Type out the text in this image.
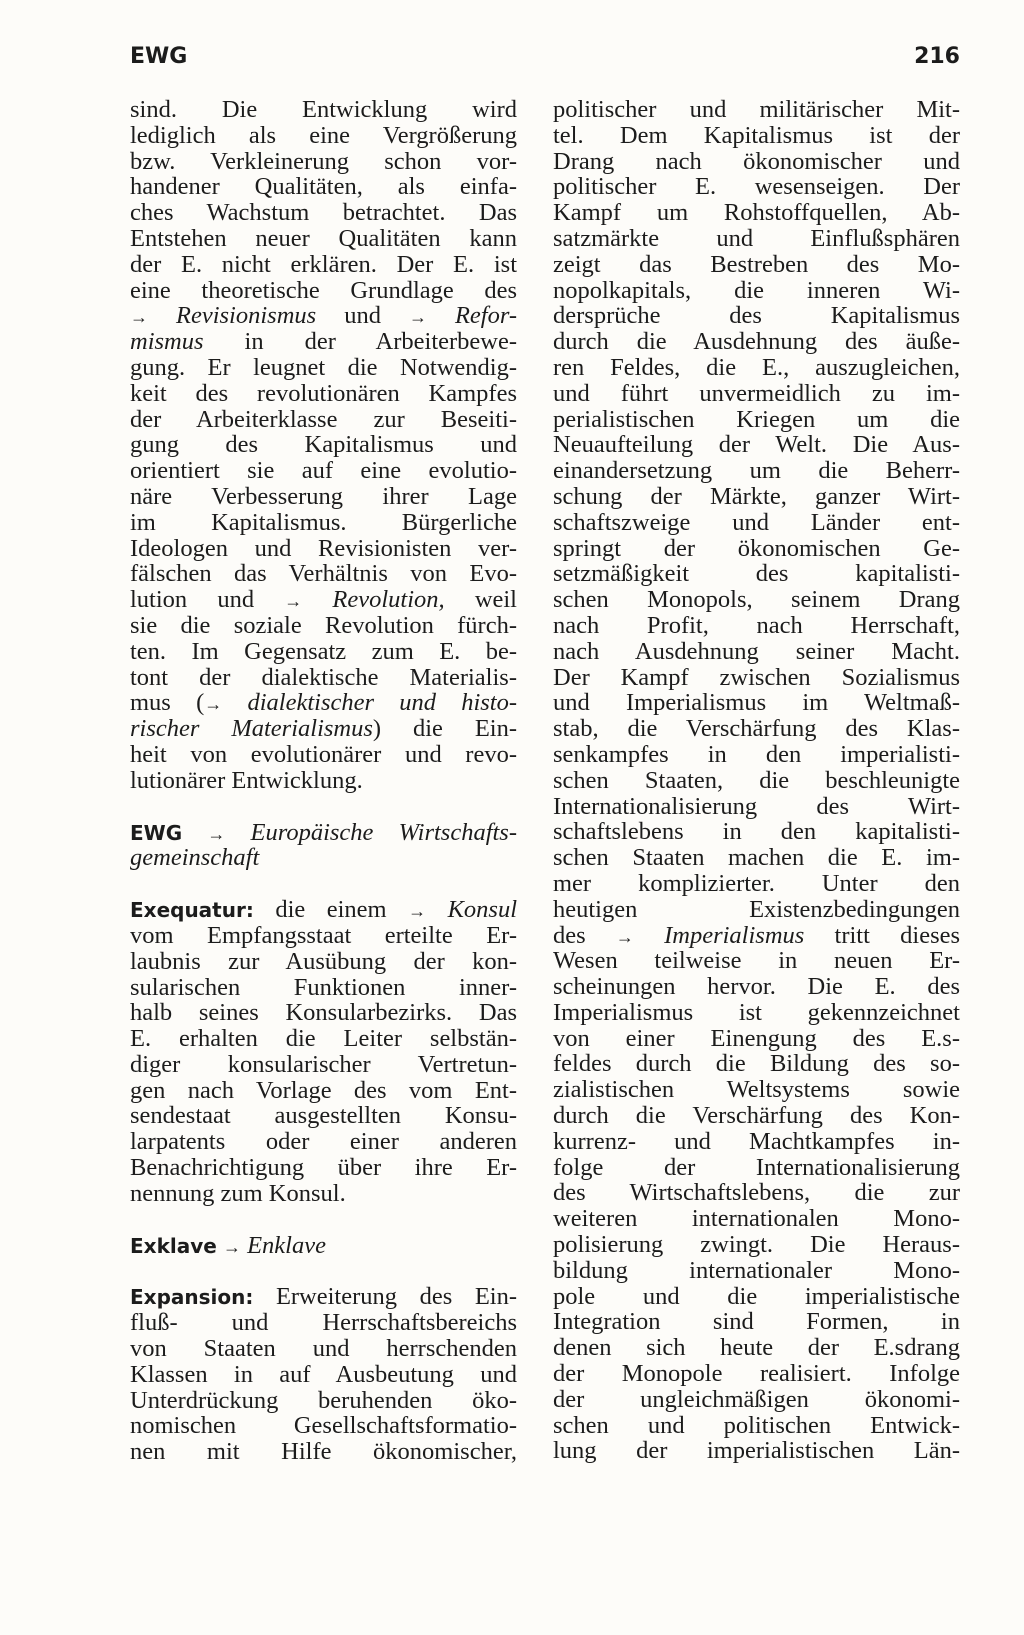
EWG	216
sind. Die Entwicklung wird
lediglich als eine Vergrößerung
bzw. Verkleinerung schon vor-
handener Qualitäten, als einfa-
ches Wachstum betrachtet. Das
Entstehen neuer Qualitäten kann
der E. nicht erklären. Der E. ist
eine theoretische Grundlage des
→ Revisionismus und → Refor-
mismus in der Arbeiterbewe-
gung. Er leugnet die Notwendig-
keit des revolutionären Kampfes
der Arbeiterklasse zur Beseiti-
gung des Kapitalismus und
orientiert sie auf eine evolutio-
näre Verbesserung ihrer Lage
im Kapitalismus. Bürgerliche
Ideologen und Revisionisten ver-
fälschen das Verhältnis von Evo-
lution und → Revolution, weil
sie die soziale Revolution fürch-
ten. Im Gegensatz zum E. be-
tont der dialektische Materialis-
mus (→ dialektischer und histo-
rischer Materialismus) die Ein-
heit von evolutionärer und revo-
lutionärer Entwicklung.
EWG → Europäische Wirtschafts-
gemeinschaft
Exequatur: die einem → Konsul
vom Empfangsstaat erteilte Er-
laubnis zur Ausübung der kon-
sularischen Funktionen inner-
halb seines Konsularbezirks. Das
E. erhalten die Leiter selbstän-
diger konsularischer Vertretun-
gen nach Vorlage des vom Ent-
sendestaat ausgestellten Konsu-
larpatents oder einer anderen
Benachrichtigung über ihre Er-
nennung zum Konsul.
Exklave → Enklave
Expansion: Erweiterung des Ein-
fluß- und Herrschaftsbereichs
von Staaten und herrschenden
Klassen in auf Ausbeutung und
Unterdrückung beruhenden öko-
nomischen Gesellschaftsformatio-
nen mit Hilfe ökonomischer,
politischer und militärischer Mit-
tel. Dem Kapitalismus ist der
Drang nach ökonomischer und
politischer E. wesenseigen. Der
Kampf um Rohstoffquellen, Ab-
satzmärkte und Einflußsphären
zeigt das Bestreben des Mo-
nopolkapitals, die inneren Wi-
dersprüche des Kapitalismus
durch die Ausdehnung des äuße-
ren Feldes, die E., auszugleichen,
und führt unvermeidlich zu im-
perialistischen Kriegen um die
Neuaufteilung der Welt. Die Aus-
einandersetzung um die Beherr-
schung der Märkte, ganzer Wirt-
schaftszweige und Länder ent-
springt der ökonomischen Ge-
setzmäßigkeit des kapitalisti-
schen Monopols, seinem Drang
nach Profit, nach Herrschaft,
nach Ausdehnung seiner Macht.
Der Kampf zwischen Sozialismus
und Imperialismus im Weltmaß-
stab, die Verschärfung des Klas-
senkampfes in den imperialisti-
schen Staaten, die beschleunigte
Internationalisierung des Wirt-
schaftslebens in den kapitalisti-
schen Staaten machen die E. im-
mer komplizierter. Unter den
heutigen Existenzbedingungen
des → Imperialismus tritt dieses
Wesen teilweise in neuen Er-
scheinungen hervor. Die E. des
Imperialismus ist gekennzeichnet
von einer Einengung des E.s-
feldes durch die Bildung des so-
zialistischen Weltsystems sowie
durch die Verschärfung des Kon-
kurrenz- und Machtkampfes in-
folge der Internationalisierung
des Wirtschaftslebens, die zur
weiteren internationalen Mono-
polisierung zwingt. Die Heraus-
bildung internationaler Mono-
pole und die imperialistische
Integration sind Formen, in
denen sich heute der E.sdrang
der Monopole realisiert. Infolge
der ungleichmäßigen ökonomi-
schen und politischen Entwick-
lung der imperialistischen Län-
